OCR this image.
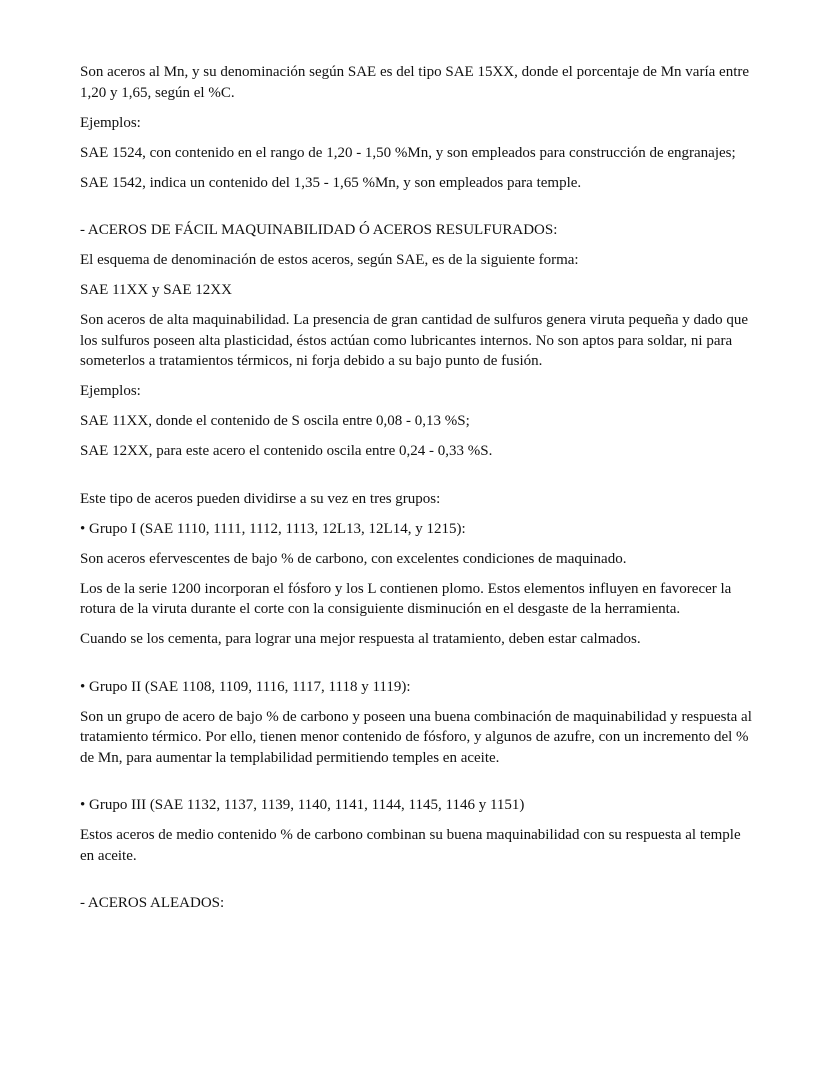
Son aceros al Mn, y su denominación según SAE es del tipo SAE 15XX, donde el porcentaje de Mn varía entre 1,20 y 1,65, según el %C.

Ejemplos:

SAE 1524, con contenido en el rango de 1,20 - 1,50 %Mn, y son empleados para construcción de engranajes;

SAE 1542, indica un contenido del 1,35 - 1,65 %Mn, y son empleados para temple.

- ACEROS DE FÁCIL MAQUINABILIDAD Ó ACEROS RESULFURADOS:

El esquema de denominación de estos aceros, según SAE, es de la siguiente forma:

SAE 11XX y SAE 12XX

Son aceros de alta maquinabilidad. La presencia de gran cantidad de sulfuros genera viruta pequeña y dado que los sulfuros poseen alta plasticidad, éstos actúan como lubricantes internos. No son aptos para soldar, ni para someterlos a tratamientos térmicos, ni forja debido a su bajo punto de fusión.

Ejemplos:

SAE 11XX, donde el contenido de S oscila entre 0,08 - 0,13 %S;

SAE 12XX, para este acero el contenido oscila entre 0,24 - 0,33 %S.

Este tipo de aceros pueden dividirse a su vez en tres grupos:

• Grupo I (SAE 1110, 1111, 1112, 1113, 12L13, 12L14, y 1215):

Son aceros efervescentes de bajo % de carbono, con excelentes condiciones de maquinado.

Los de la serie 1200 incorporan el fósforo y los L contienen plomo. Estos elementos influyen en favorecer la rotura de la viruta durante el corte con la consiguiente disminución en el desgaste de la herramienta.

Cuando se los cementa, para lograr una mejor respuesta al tratamiento, deben estar calmados.

• Grupo II (SAE 1108, 1109, 1116, 1117, 1118 y 1119):

Son un grupo de acero de bajo % de carbono y poseen una buena combinación de maquinabilidad y respuesta al tratamiento térmico. Por ello, tienen menor contenido de fósforo, y algunos de azufre, con un incremento del % de Mn, para aumentar la templabilidad permitiendo temples en aceite.

• Grupo III (SAE 1132, 1137, 1139, 1140, 1141, 1144, 1145, 1146 y 1151)

Estos aceros de medio contenido % de carbono combinan su buena maquinabilidad con su respuesta al temple en aceite.

- ACEROS ALEADOS:
